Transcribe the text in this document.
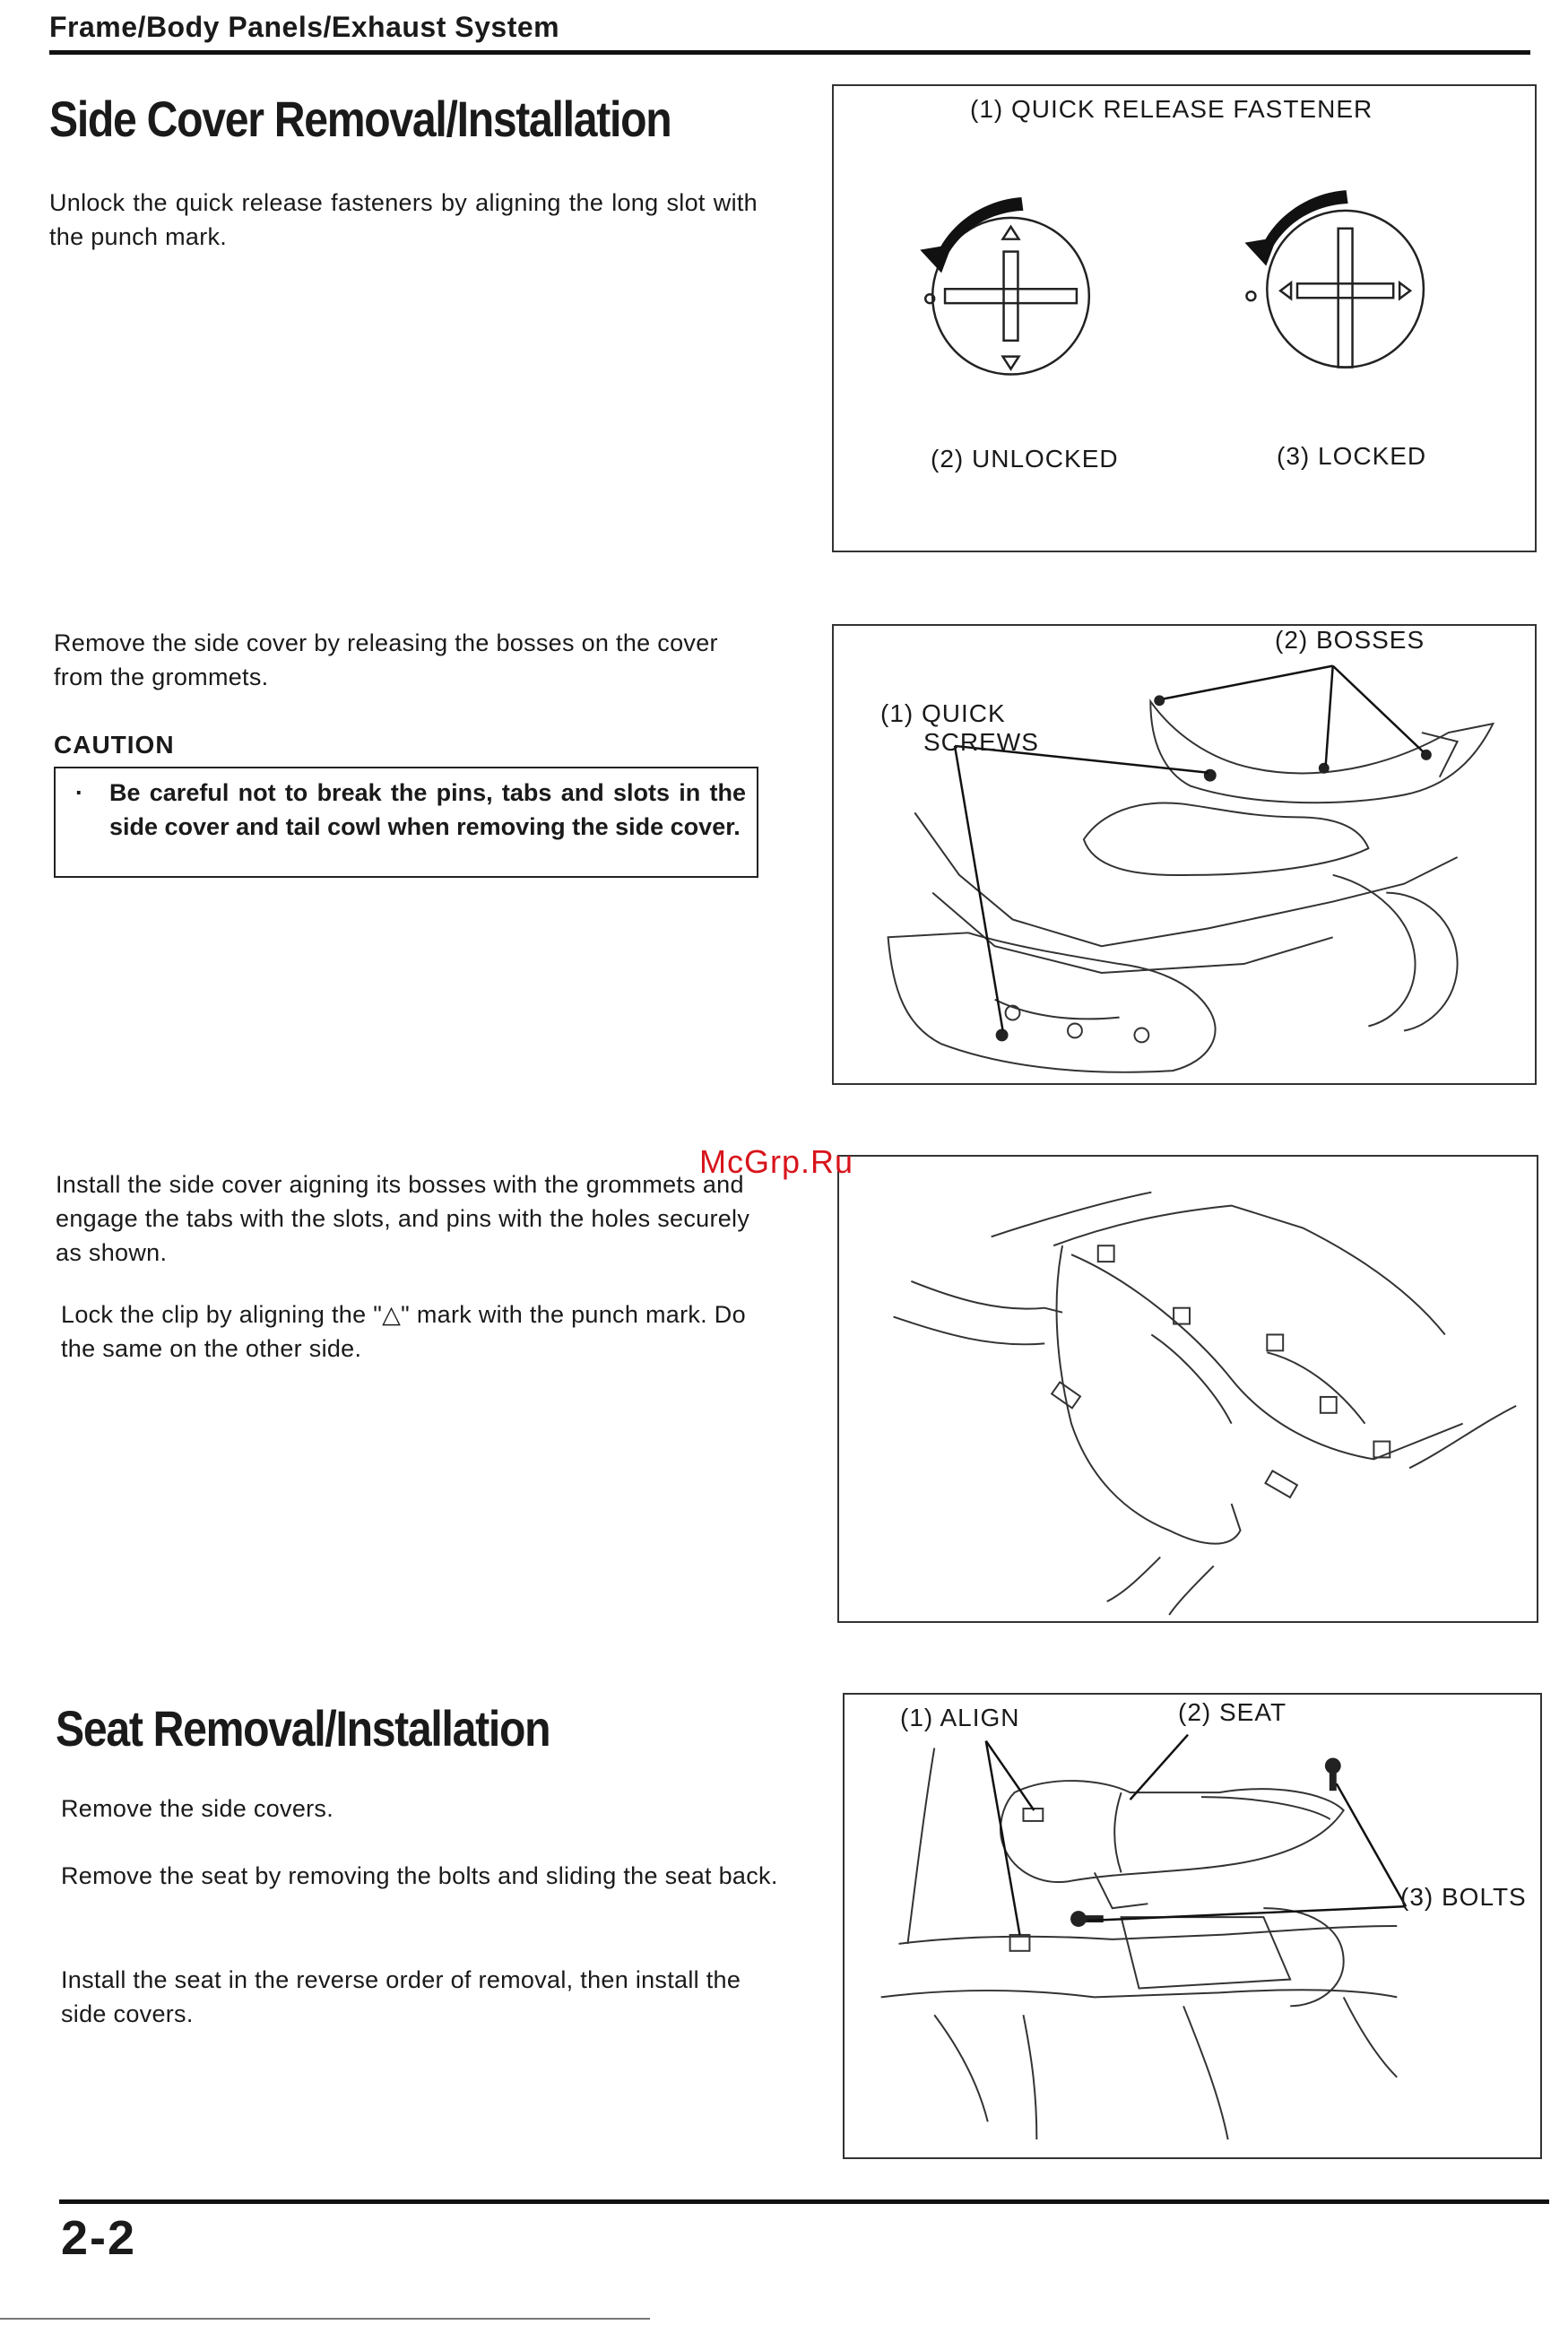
Frame/Body Panels/Exhaust System
Side Cover Removal/Installation
Unlock the quick release fasteners by aligning the long slot with the punch mark.
Remove the side cover by releasing the bosses on the cover from the grommets.
CAUTION
· Be careful not to break the pins, tabs and slots in the side cover and tail cowl when removing the side cover.
Install the side cover aigning its bosses with the grommets and engage the tabs with the slots, and pins with the holes securely as shown.
Lock the clip by aligning the "△" mark with the punch mark. Do the same on the other side.
(1) QUICK RELEASE FASTENER
(2) UNLOCKED	(3) LOCKED
(2) BOSSES
(1) QUICK
SCREWS
McGrp.Ru
Seat Removal/Installation
Remove the side covers.
Remove the seat by removing the bolts and sliding the seat back.
Install the seat in the reverse order of removal, then install the side covers.
(1) ALIGN	(2) SEAT
(3) BOLTS
2-2
